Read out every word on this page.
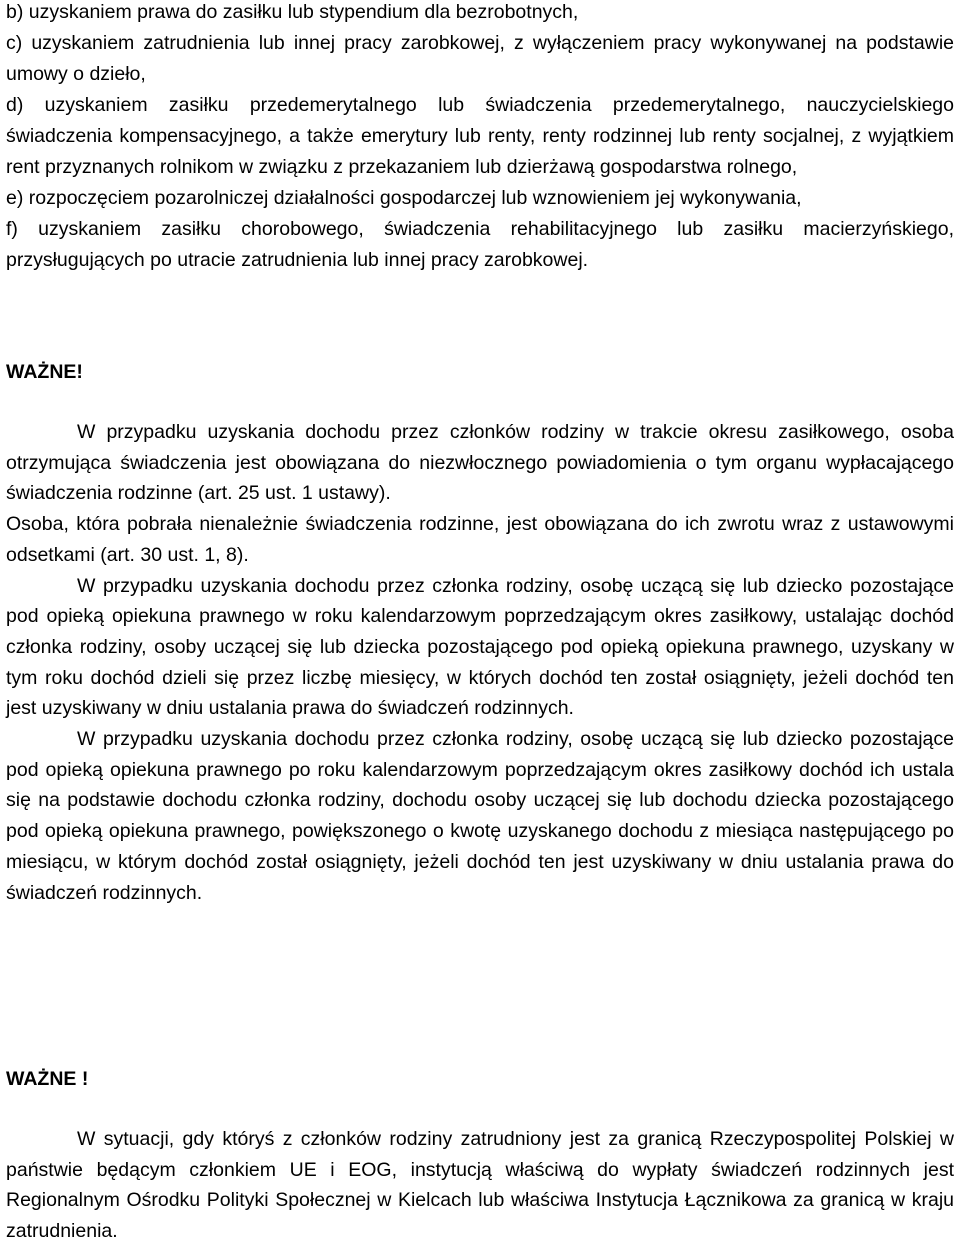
b) uzyskaniem prawa do zasiłku lub stypendium dla bezrobotnych,

c) uzyskaniem zatrudnienia lub innej pracy zarobkowej, z wyłączeniem pracy wykonywanej na podstawie umowy o dzieło,

d) uzyskaniem zasiłku przedemerytalnego lub świadczenia przedemerytalnego, nauczycielskiego świadczenia kompensacyjnego, a także emerytury lub renty, renty rodzinnej lub renty socjalnej, z wyjątkiem rent przyznanych rolnikom w związku z przekazaniem lub dzierżawą gospodarstwa rolnego,

e) rozpoczęciem pozarolniczej działalności gospodarczej lub wznowieniem jej wykonywania,

f) uzyskaniem zasiłku chorobowego, świadczenia rehabilitacyjnego lub zasiłku macierzyńskiego, przysługujących po utracie zatrudnienia lub innej pracy zarobkowej.

WAŻNE!

W przypadku uzyskania dochodu przez członków rodziny w trakcie okresu zasiłkowego, osoba otrzymująca świadczenia jest obowiązana do niezwłocznego powiadomienia o tym organu wypłacającego świadczenia rodzinne (art. 25 ust. 1 ustawy).

Osoba, która pobrała nienależnie świadczenia rodzinne, jest obowiązana do ich zwrotu wraz z ustawowymi odsetkami (art. 30 ust. 1, 8).

W przypadku uzyskania dochodu przez członka rodziny, osobę uczącą się lub dziecko pozostające pod opieką opiekuna prawnego w roku kalendarzowym poprzedzającym okres zasiłkowy, ustalając dochód członka rodziny, osoby uczącej się lub dziecka pozostającego pod opieką opiekuna prawnego, uzyskany w tym roku dochód dzieli się przez liczbę miesięcy, w których dochód ten został osiągnięty, jeżeli dochód ten jest uzyskiwany w dniu ustalania prawa do świadczeń rodzinnych.

W przypadku uzyskania dochodu przez członka rodziny, osobę uczącą się lub dziecko pozostające pod opieką opiekuna prawnego po roku kalendarzowym poprzedzającym okres zasiłkowy dochód ich ustala się na podstawie dochodu członka rodziny, dochodu osoby uczącej się lub dochodu dziecka pozostającego pod opieką opiekuna prawnego, powiększonego o kwotę uzyskanego dochodu z miesiąca następującego po miesiącu, w którym dochód został osiągnięty, jeżeli dochód ten jest uzyskiwany w dniu ustalania prawa do świadczeń rodzinnych.

WAŻNE !

W sytuacji, gdy któryś z członków rodziny zatrudniony jest za granicą Rzeczypospolitej Polskiej w państwie będącym członkiem UE i EOG, instytucją właściwą do wypłaty świadczeń rodzinnych jest Regionalnym Ośrodku Polityki Społecznej w Kielcach lub właściwa Instytucja Łącznikowa za granicą w kraju zatrudnienia.
